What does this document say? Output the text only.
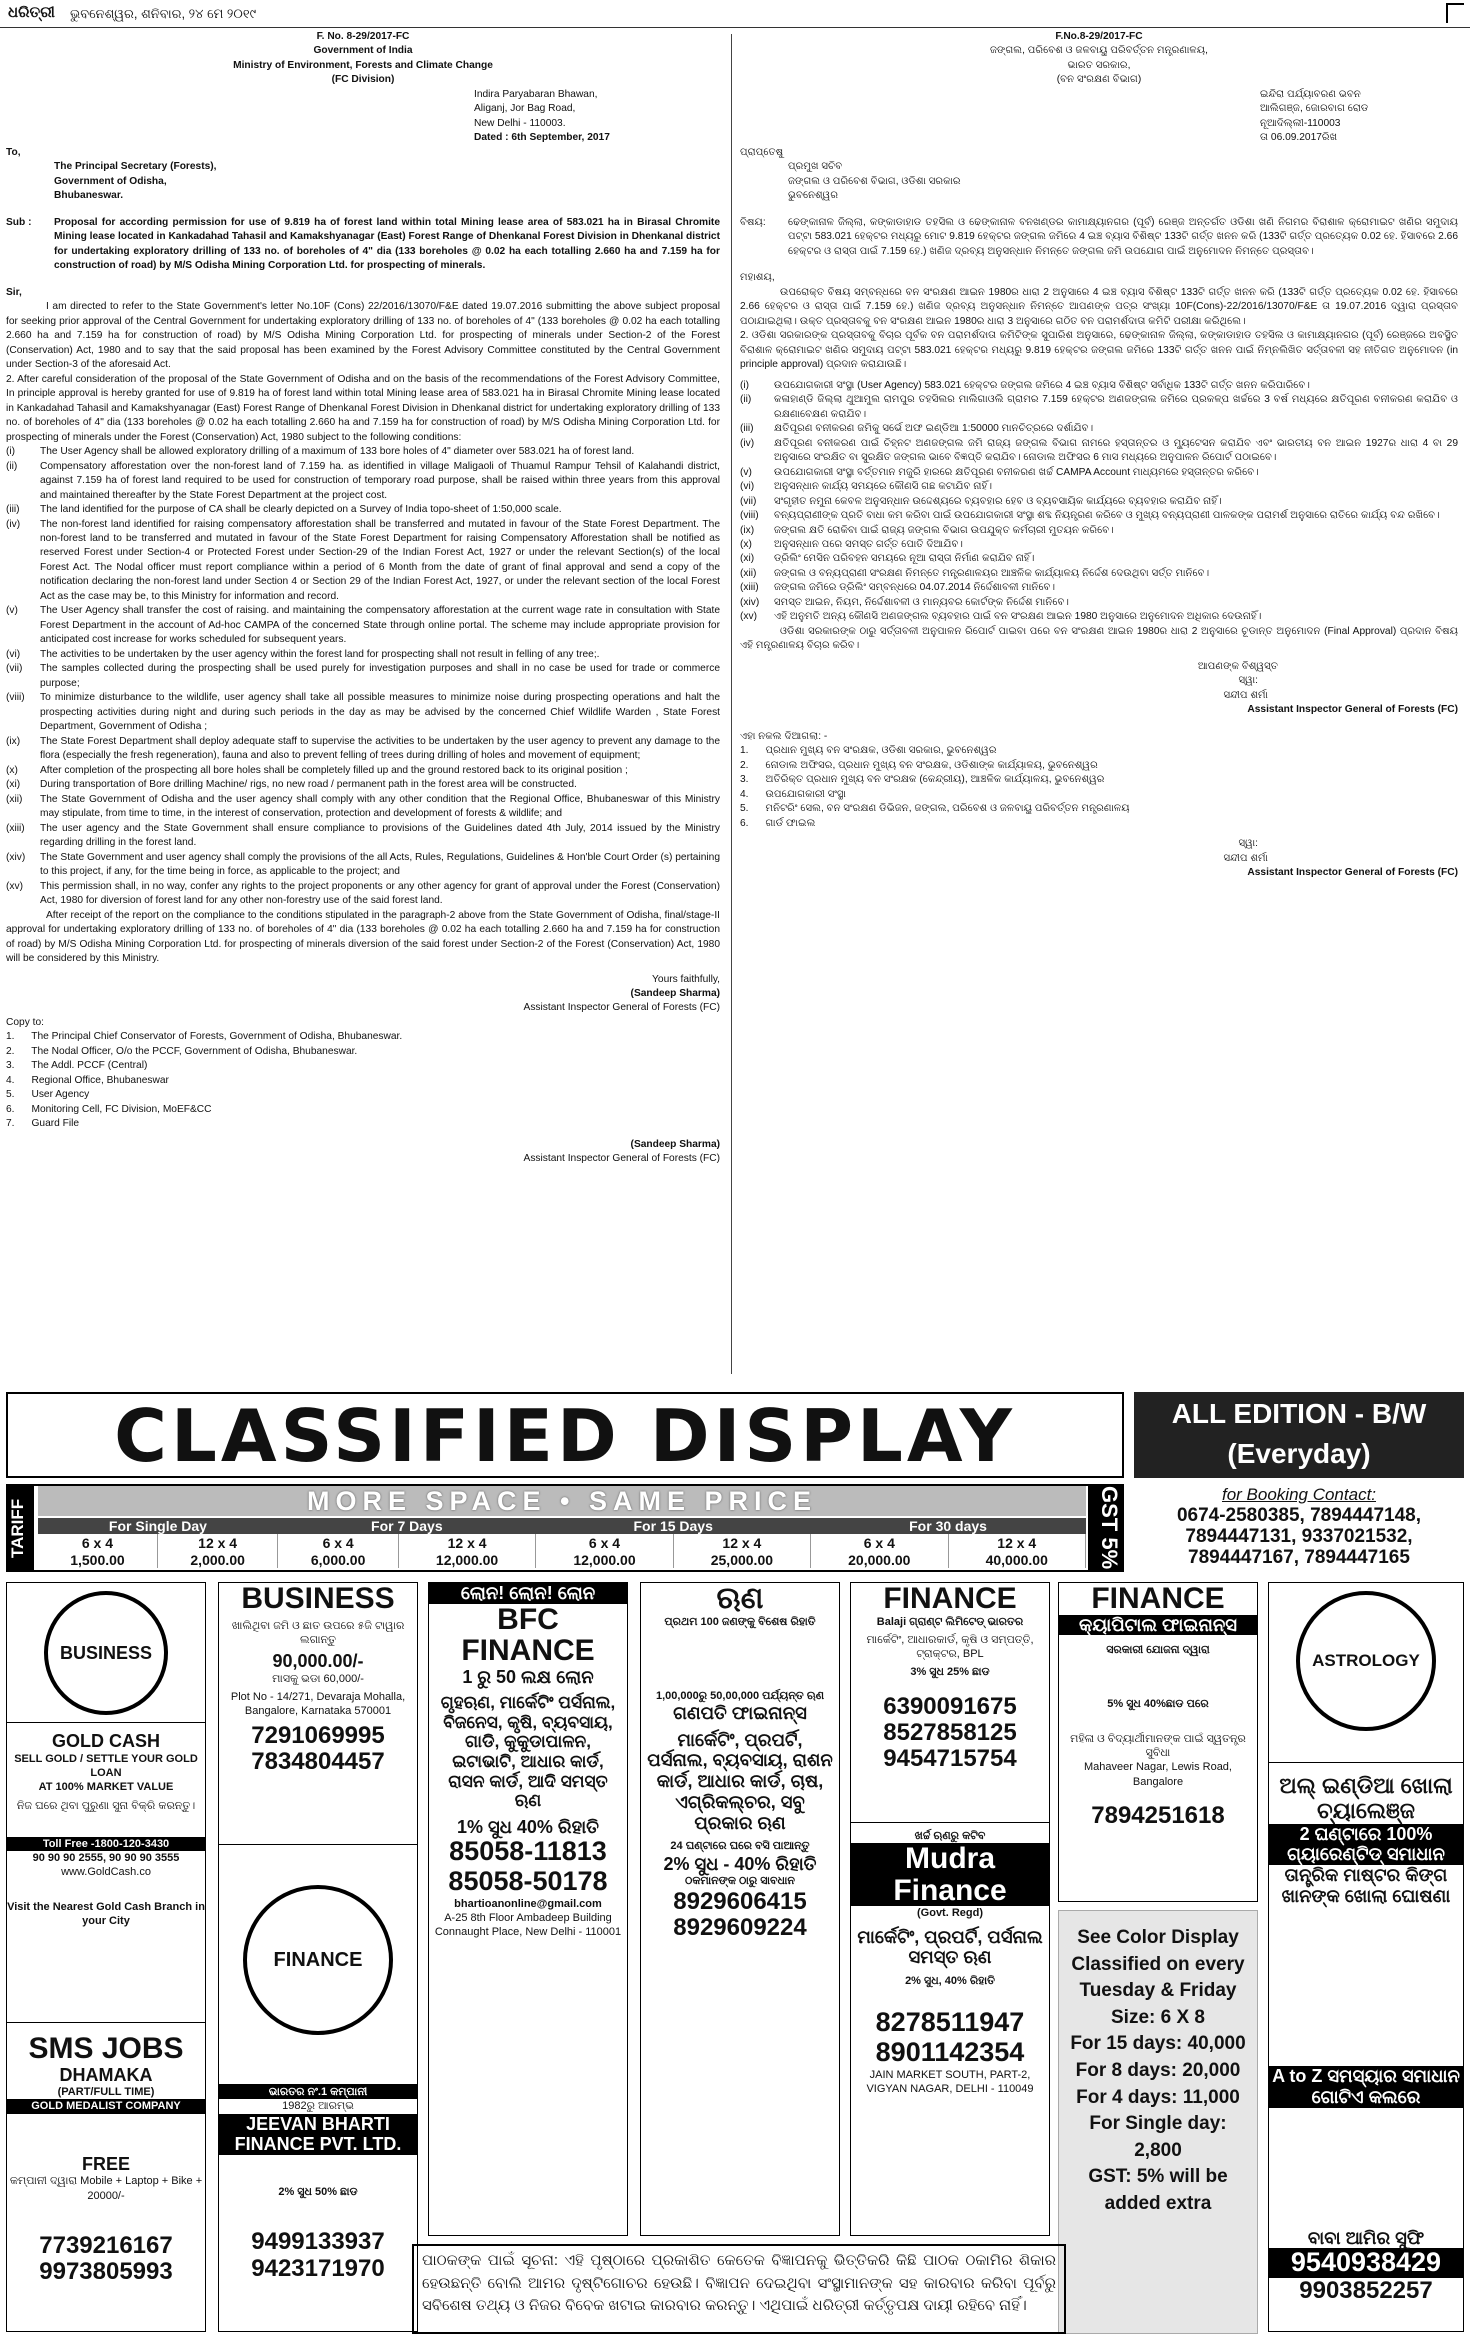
ଧରିତ୍ରୀ ଭୁବନେଶ୍ୱର, ଶନିବାର, ୨୪ ମେ ୨୦୧୯
F. No. 8-29/2017-FC
Government of India
Ministry of Environment, Forests and Climate Change
(FC Division)
Indira Paryabaran Bhawan,
Aliganj, Jor Bag Road,
New Delhi - 110003.
Dated : 6th September, 2017
To,
The Principal Secretary (Forests),
Government of Odisha,
Bhubaneswar.
Sub :	Proposal for according permission for use of 9.819 ha of forest land within total Mining lease area of 583.021 ha in Birasal Chromite Mining lease located in Kankadahad Tahasil and Kamakshyanagar (East) Forest Range of Dhenkanal Forest Division in Dhenkanal district for undertaking exploratory drilling of 133 no. of boreholes of 4" dia (133 boreholes @ 0.02 ha each totalling 2.660 ha and 7.159 ha for construction of road) by M/S Odisha Mining Corporation Ltd. for prospecting of minerals.
Sir,
I am directed to refer to the State Government's letter No.10F (Cons) 22/2016/13070/F&E dated 19.07.2016 submitting the above subject proposal for seeking prior approval of the Central Government for undertaking exploratory drilling of 133 no. of boreholes of 4" (133 boreholes @ 0.02 ha each totalling 2.660 ha and 7.159 ha for construction of road) by M/S Odisha Mining Corporation Ltd. for prospecting of minerals under Section-2 of the Forest (Conservation) Act, 1980 and to say that the said proposal has been examined by the Forest Advisory Committee constituted by the Central Government under Section-3 of the aforesaid Act.
2. After careful consideration of the proposal of the State Government of Odisha and on the basis of the recommendations of the Forest Advisory Committee, In principle approval is hereby granted for use of 9.819 ha of forest land within total Mining lease area of 583.021 ha in Birasal Chromite Mining lease located in Kankadahad Tahasil and Kamakshyanagar (East) Forest Range of Dhenkanal Forest Division in Dhenkanal district for undertaking exploratory drilling of 133 no. of boreholes of 4" dia (133 boreholes @ 0.02 ha each totalling 2.660 ha and 7.159 ha for construction of road) by M/S Odisha Mining Corporation Ltd. for prospecting of minerals under the Forest (Conservation) Act, 1980 subject to the following conditions:
(i)	The User Agency shall be allowed exploratory drilling of a maximum of 133 bore holes of 4" diameter over 583.021 ha of forest land.
(ii)	Compensatory afforestation over the non-forest land of 7.159 ha. as identified in village Maligaoli of Thuamul Rampur Tehsil of Kalahandi district, against 7.159 ha of forest land required to be used for construction of temporary road purpose, shall be raised within three years from this approval and maintained thereafter by the State Forest Department at the project cost.
(iii)	The land identified for the purpose of CA shall be clearly depicted on a Survey of India topo-sheet of 1:50,000 scale.
(iv)	The non-forest land identified for raising compensatory afforestation shall be transferred and mutated in favour of the State Forest Department. The non-forest land to be transferred and mutated in favour of the State Forest Department for raising Compensatory Afforestation shall be notified as reserved Forest under Section-4 or Protected Forest under Section-29 of the Indian Forest Act, 1927 or under the relevant Section(s) of the local Forest Act. The Nodal officer must report compliance within a period of 6 Month from the date of grant of final approval and send a copy of the notification declaring the non-forest land under Section 4 or Section 29 of the Indian Forest Act, 1927, or under the relevant section of the local Forest Act as the case may be, to this Ministry for information and record.
(v)	The User Agency shall transfer the cost of raising. and maintaining the compensatory afforestation at the current wage rate in consultation with State Forest Department in the account of Ad-hoc CAMPA of the concerned State through online portal. The scheme may include appropriate provision for anticipated cost increase for works scheduled for subsequent years.
(vi)	The activities to be undertaken by the user agency within the forest land for prospecting shall not result in felling of any tree;.
(vii)	The samples collected during the prospecting shall be used purely for investigation purposes and shall in no case be used for trade or commerce purpose;
(viii)	To minimize disturbance to the wildlife, user agency shall take all possible measures to minimize noise during prospecting operations and halt the prospecting activities during night and during such periods in the day as may be advised by the concerned Chief Wildlife Warden , State Forest Department, Government of Odisha ;
(ix)	The State Forest Department shall deploy adequate staff to supervise the activities to be undertaken by the user agency to prevent any damage to the flora (especially the fresh regeneration), fauna and also to prevent felling of trees during drilling of holes and movement of equipment;
(x)	After completion of the prospecting all bore holes shall be completely filled up and the ground restored back to its original position ;
(xi)	During transportation of Bore drilling Machine/ rigs, no new road / permanent path in the forest area will be constructed.
(xii)	The State Government of Odisha and the user agency shall comply with any other condition that the Regional Office, Bhubaneswar of this Ministry may stipulate, from time to time, in the interest of conservation, protection and development of forests & wildlife; and
(xiii)	The user agency and the State Government shall ensure compliance to provisions of the Guidelines dated 4th July, 2014 issued by the Ministry regarding drilling in the forest land.
(xiv)	The State Government and user agency shall comply the provisions of the all Acts, Rules, Regulations, Guidelines & Hon'ble Court Order (s) pertaining to this project, if any, for the time being in force, as applicable to the project; and
(xv)	This permission shall, in no way, confer any rights to the project proponents or any other agency for grant of approval under the Forest (Conservation) Act, 1980 for diversion of forest land for any other non-forestry use of the said forest land.
After receipt of the report on the compliance to the conditions stipulated in the paragraph-2 above from the State Government of Odisha, final/stage-II approval for undertaking exploratory drilling of 133 no. of boreholes of 4" dia (133 boreholes @ 0.02 ha each totalling 2.660 ha and 7.159 ha for construction of road) by M/S Odisha Mining Corporation Ltd. for prospecting of minerals diversion of the said forest under Section-2 of the Forest (Conservation) Act, 1980 will be considered by this Ministry.
Yours faithfully,
(Sandeep Sharma)
Assistant Inspector General of Forests (FC)
Copy to:
1.      The Principal Chief Conservator of Forests, Government of Odisha, Bhubaneswar.
2.      The Nodal Officer, O/o the PCCF, Government of Odisha, Bhubaneswar.
3.      The Addl. PCCF (Central)
4.      Regional Office, Bhubaneswar
5.      User Agency
6.      Monitoring Cell, FC Division, MoEF&CC
7.      Guard File
(Sandeep Sharma)
Assistant Inspector General of Forests (FC)
F.No.8-29/2017-FC
ଜଙ୍ଗଲ, ପରିବେଶ ଓ ଜଳବାୟୁ ପରିବର୍ତ୍ତନ ମନ୍ତ୍ରଣାଳୟ,
ଭାରତ ସରକାର,
(ବନ ସଂରକ୍ଷଣ ବିଭାଗ)
ଇନ୍ଦିରା ପର୍ଯ୍ୟାବରଣ ଭବନ
ଆଲିଗଞ୍ଜ, ଜୋରବାଗ ରୋଡ
ନୂଆଦିଲ୍ଲୀ-110003
ତା 06.09.2017ରିଖ
ପ୍ରାପ୍ତେଷୁ
ପ୍ରମୁଖ ସଚିବ
ଜଙ୍ଗଲ ଓ ପରିବେଶ ବିଭାଗ, ଓଡିଶା ସରକାର
ଭୁବନେଶ୍ୱର
ବିଷୟ:	ଢେଙ୍କାନାଳ ଜିଲ୍ଲା, କଙ୍କାଡାହାଡ ତହସିଲ ଓ ଢେଙ୍କାନାଳ ବନଖଣ୍ଡର କାମାକ୍ଷ୍ୟାନଗର (ପୂର୍ବ) ରେଞ୍ଜ ଅନ୍ତର୍ଗତ ଓଡିଶା ଖଣି ନିଗମର ବିରାଶାଳ କ୍ରୋମାଇଟ ଖଣିର ସମୁଦାୟ ପଟ୍ଟା 583.021 ହେକ୍ଟର ମଧ୍ୟରୁ ମୋଟ 9.819 ହେକ୍ଟର ଜଙ୍ଗଲ ଜମିରେ 4 ଇଞ୍ଚ ବ୍ୟାସ ବିଶିଷ୍ଟ 133ଟି ଗର୍ତ୍ତ ଖନନ କରି (133ଟି ଗର୍ତ୍ତ ପ୍ରତ୍ୟେକ 0.02 ହେ. ହିସାବରେ 2.66 ହେକ୍ଟର ଓ ରାସ୍ତା ପାଇଁ 7.159 ହେ.) ଖଣିଜ ଦ୍ରବ୍ୟ ଅନୁସନ୍ଧାନ ନିମନ୍ତେ ଜଙ୍ଗଲ ଜମି ଉପଯୋଗ ପାଇଁ ଅନୁମୋଦନ ନିମନ୍ତେ ପ୍ରସ୍ତାବ।
ମହାଶୟ,
ଉପରୋକ୍ତ ବିଷୟ ସମ୍ବନ୍ଧରେ ବନ ସଂରକ୍ଷଣ ଆଇନ 1980ର ଧାରା 2 ଅନୁସାରେ 4 ଇଞ୍ଚ ବ୍ୟାସ ବିଶିଷ୍ଟ 133ଟି ଗର୍ତ୍ତ ଖନନ କରି (133ଟି ଗର୍ତ୍ତ ପ୍ରତ୍ୟେକ 0.02 ହେ. ହିସାବରେ 2.66 ହେକ୍ଟର ଓ ରାସ୍ତା ପାଇଁ 7.159 ହେ.) ଖଣିଜ ଦ୍ରବ୍ୟ ଅନୁସନ୍ଧାନ ନିମନ୍ତେ ଆପଣଙ୍କ ପତ୍ର ସଂଖ୍ୟା 10F(Cons)-22/2016/13070/F&E ତା 19.07.2016 ଦ୍ୱାରା ପ୍ରସ୍ତାବ ପଠାଯାଇଥିଲା। ଉକ୍ତ ପ୍ରସ୍ତାବକୁ ବନ ସଂରକ୍ଷଣ ଆଇନ 1980ର ଧାରା 3 ଅନୁସାରେ ଗଠିତ ବନ ପରାମର୍ଶଦାତା କମିଟି ପରୀକ୍ଷା କରିଥିଲେ।
2. ଓଡିଶା ସରକାରଙ୍କ ପ୍ରସ୍ତାବକୁ ବିଚାର ପୂର୍ବକ ବନ ପରାମର୍ଶଦାତା କମିଟିଙ୍କ ସୁପାରିଶ ଅନୁସାରେ, ଢେଙ୍କାନାଳ ଜିଲ୍ଲା, କଙ୍କାଡାହାଡ ତହସିଲ ଓ କାମାକ୍ଷ୍ୟାନଗର (ପୂର୍ବ) ରେଞ୍ଜରେ ଅବସ୍ଥିତ ବିରାଶାଳ କ୍ରୋମାଇଟ ଖଣିର ସମୁଦାୟ ପଟ୍ଟା 583.021 ହେକ୍ଟର ମଧ୍ୟରୁ 9.819 ହେକ୍ଟର ଜଙ୍ଗଲ ଜମିରେ 133ଟି ଗର୍ତ୍ତ ଖନନ ପାଇଁ ନିମ୍ନଲିଖିତ ସର୍ତ୍ତାବଳୀ ସହ ନୀତିଗତ ଅନୁମୋଦନ (in principle approval) ପ୍ରଦାନ କରାଯାଉଛି।
(i)	ଉପଯୋଗକାରୀ ସଂସ୍ଥା (User Agency) 583.021 ହେକ୍ଟର ଜଙ୍ଗଲ ଜମିରେ 4 ଇଞ୍ଚ ବ୍ୟାସ ବିଶିଷ୍ଟ ସର୍ବାଧିକ 133ଟି ଗର୍ତ୍ତ ଖନନ କରିପାରିବେ।
(ii)	କଳାହାଣ୍ଡି ଜିଲ୍ଲା ଥୁଆମୁଲ ରାମପୁର ତହସିଲର ମାଲିଗାଓଲି ଗ୍ରାମର 7.159 ହେକ୍ଟର ଅଣଜଙ୍ଗଲ ଜମିରେ ପ୍ରକଳ୍ପ ଖର୍ଚ୍ଚରେ 3 ବର୍ଷ ମଧ୍ୟରେ କ୍ଷତିପୂରଣ ବନୀକରଣ କରାଯିବ ଓ ରକ୍ଷଣାବେକ୍ଷଣ କରାଯିବ।
(iii)	କ୍ଷତିପୂରଣ ବନୀକରଣ ଜମିକୁ ସର୍ଭେ ଅଫ ଇଣ୍ଡିଆ 1:50000 ମାନଚିତ୍ରରେ ଦର୍ଶାଯିବ।
(iv)	କ୍ଷତିପୂରଣ ବନୀକରଣ ପାଇଁ ଚିହ୍ନଟ ଅଣଜଙ୍ଗଲ ଜମି ରାଜ୍ୟ ଜଙ୍ଗଲ ବିଭାଗ ନାମରେ ହସ୍ତାନ୍ତର ଓ ମ୍ୟୁଟେସନ କରାଯିବ ଏବଂ ଭାରତୀୟ ବନ ଆଇନ 1927ର ଧାରା 4 ବା 29 ଅନୁସାରେ ସଂରକ୍ଷିତ ବା ସୁରକ୍ଷିତ ଜଙ୍ଗଲ ଭାବେ ବିଜ୍ଞପ୍ତି କରାଯିବ। ନୋଡାଲ ଅଫିସର 6 ମାସ ମଧ୍ୟରେ ଅନୁପାଳନ ରିପୋର୍ଟ ପଠାଇବେ।
(v)	ଉପଯୋଗକାରୀ ସଂସ୍ଥା ବର୍ତ୍ତମାନ ମଜୁରି ହାରରେ କ୍ଷତିପୂରଣ ବନୀକରଣ ଖର୍ଚ୍ଚ CAMPA Account ମାଧ୍ୟମରେ ହସ୍ତାନ୍ତର କରିବେ।
(vi)	ଅନୁସନ୍ଧାନ କାର୍ଯ୍ୟ ସମୟରେ କୌଣସି ଗଛ କଟାଯିବ ନାହିଁ।
(vii)	ସଂଗୃହୀତ ନମୁନା କେବଳ ଅନୁସନ୍ଧାନ ଉଦ୍ଦେଶ୍ୟରେ ବ୍ୟବହାର ହେବ ଓ ବ୍ୟବସାୟିକ କାର୍ଯ୍ୟରେ ବ୍ୟବହାର କରାଯିବ ନାହିଁ।
(viii)	ବନ୍ୟପ୍ରାଣୀଙ୍କ ପ୍ରତି ବାଧା କମ କରିବା ପାଇଁ ଉପଯୋଗକାରୀ ସଂସ୍ଥା ଶବ୍ଦ ନିୟନ୍ତ୍ରଣ କରିବେ ଓ ମୁଖ୍ୟ ବନ୍ୟପ୍ରାଣୀ ପାଳକଙ୍କ ପରାମର୍ଶ ଅନୁସାରେ ରାତିରେ କାର୍ଯ୍ୟ ବନ୍ଦ ରଖିବେ।
(ix)	ଜଙ୍ଗଲ କ୍ଷତି ରୋକିବା ପାଇଁ ରାଜ୍ୟ ଜଙ୍ଗଲ ବିଭାଗ ଉପଯୁକ୍ତ କର୍ମଚାରୀ ମୁତୟନ କରିବେ।
(x)	ଅନୁସନ୍ଧାନ ପରେ ସମସ୍ତ ଗର୍ତ୍ତ ପୋତି ଦିଆଯିବ।
(xi)	ଡ୍ରିଲିଂ ମେସିନ ପରିବହନ ସମୟରେ ନୂଆ ରାସ୍ତା ନିର୍ମାଣ କରାଯିବ ନାହିଁ।
(xii)	ଜଙ୍ଗଲ ଓ ବନ୍ୟପ୍ରାଣୀ ସଂରକ୍ଷଣ ନିମନ୍ତେ ମନ୍ତ୍ରଣାଳୟର ଆଞ୍ଚଳିକ କାର୍ଯ୍ୟାଳୟ ନିର୍ଦ୍ଦେଶ ଦେଉଥିବା ସର୍ତ୍ତ ମାନିବେ।
(xiii)	ଜଙ୍ଗଲ ଜମିରେ ଡ୍ରିଲିଂ ସମ୍ବନ୍ଧରେ 04.07.2014 ନିର୍ଦ୍ଦେଶାବଳୀ ମାନିବେ।
(xiv)	ସମସ୍ତ ଆଇନ, ନିୟମ, ନିର୍ଦ୍ଦେଶାବଳୀ ଓ ମାନ୍ୟବର କୋର୍ଟଙ୍କ ନିର୍ଦ୍ଦେଶ ମାନିବେ।
(xv)	ଏହି ଅନୁମତି ଅନ୍ୟ କୌଣସି ଅଣଜଙ୍ଗଲ ବ୍ୟବହାର ପାଇଁ ବନ ସଂରକ୍ଷଣ ଆଇନ 1980 ଅନୁସାରେ ଅନୁମୋଦନ ଅଧିକାର ଦେଉନାହିଁ।
ଓଡିଶା ସରକାରଙ୍କ ଠାରୁ ସର୍ତ୍ତାବଳୀ ଅନୁପାଳନ ରିପୋର୍ଟ ପାଇବା ପରେ ବନ ସଂରକ୍ଷଣ ଆଇନ 1980ର ଧାରା 2 ଅନୁସାରେ ଚୂଡାନ୍ତ ଅନୁମୋଦନ (Final Approval) ପ୍ରଦାନ ବିଷୟ ଏହି ମନ୍ତ୍ରଣାଳୟ ବିଚାର କରିବ।
ଆପଣଙ୍କ ବିଶ୍ୱସ୍ତ
ସ୍ୱା:
ସନ୍ଦୀପ ଶର୍ମା
Assistant Inspector General of Forests (FC)
ଏହା ନକଲ ଦିଆଗଲା: -
1.      ପ୍ରଧାନ ମୁଖ୍ୟ ବନ ସଂରକ୍ଷକ, ଓଡିଶା ସରକାର, ଭୁବନେଶ୍ୱର
2.      ନୋଡାଲ ଅଫିସର, ପ୍ରଧାନ ମୁଖ୍ୟ ବନ ସଂରକ୍ଷକ, ଓଡିଶାଙ୍କ କାର୍ଯ୍ୟାଳୟ, ଭୁବନେଶ୍ୱର
3.      ଅତିରିକ୍ତ ପ୍ରଧାନ ମୁଖ୍ୟ ବନ ସଂରକ୍ଷକ (କେନ୍ଦ୍ରୀୟ), ଆଞ୍ଚଳିକ କାର୍ଯ୍ୟାଳୟ, ଭୁବନେଶ୍ୱର
4.      ଉପଯୋଗକାରୀ ସଂସ୍ଥା
5.      ମନିଟରିଂ ସେଲ, ବନ ସଂରକ୍ଷଣ ଡିଭିଜନ, ଜଙ୍ଗଲ, ପରିବେଶ ଓ ଜଳବାୟୁ ପରିବର୍ତ୍ତନ ମନ୍ତ୍ରଣାଳୟ
6.      ଗାର୍ଡ ଫାଇଲ
ସ୍ୱା:
ସନ୍ଦୀପ ଶର୍ମା
Assistant Inspector General of Forests (FC)
CLASSIFIED DISPLAY	ALL EDITION - B/W
(Everyday)
TARIFF	MORE SPACE • SAME PRICE
For Single Day		For 7 Days		For 15 Days		For 30 days	
6 x 4	12 x 4	6 x 4	12 x 4	6 x 4	12 x 4	6 x 4	12 x 4
1,500.00	2,000.00	6,000.00	12,000.00	12,000.00	25,000.00	20,000.00	40,000.00	GST 5%	for Booking Contact:
0674-2580385, 7894447148,
7894447131, 9337021532,
7894447167, 7894447165
BUSINESS
GOLD CASH
SELL GOLD / SETTLE YOUR GOLD LOAN
AT 100% MARKET VALUE
ନିଜ ଘରେ ଥିବା ପୁରୁଣା ସୁନା ବିକ୍ରି କରନ୍ତୁ।
Toll Free -1800-120-3430
90 90 90 2555, 90 90 90 3555
www.GoldCash.co
Visit the Nearest Gold Cash Branch in your City
SMS JOBS
DHAMAKA
(PART/FULL TIME)
GOLD MEDALIST COMPANY
FREE
କମ୍ପାନୀ ଦ୍ୱାରା Mobile + Laptop + Bike + 20000/-
7739216167
9973805993
BUSINESS
ଖାଲିଥିବା ଜମି ଓ ଛାତ ଉପରେ ୫ଜି ଟାୱାର ଲଗାନ୍ତୁ
90,000.00/-
ମାସକୁ ଭଡା 60,000/-
Plot No - 14/271, Devaraja Mohalla, Bangalore, Karnataka 570001
7291069995
7834804457
FINANCE
ଭାରତର ନଂ.1 କମ୍ପାନୀ
1982ରୁ ଆରମ୍ଭ
JEEVAN BHARTI FINANCE PVT. LTD.
2% ସୁଧ 50% ଛାଡ
9499133937
9423171970
ଲୋନ! ଲୋନ! ଲୋନ
BFC FINANCE
1 ରୁ 50 ଲକ୍ଷ ଲୋନ
ଗୃହଋଣ, ମାର୍କେଟିଂ ପର୍ସନାଲ, ବିଜନେସ, କୃଷି, ବ୍ୟବସାୟ, ଗାଡି, କୁକୁଡାପାଳନ, ଇଟାଭାଟି, ଆଧାର କାର୍ଡ, ରାସନ କାର୍ଡ, ଆଦି ସମସ୍ତ ଋଣ
1% ସୁଧ 40% ରିହାତି
85058-11813
85058-50178
bhartioanonline@gmail.com
A-25 8th Floor Ambadeep Building Connaught Place, New Delhi - 110001
ଋଣ
ପ୍ରଥମ 100 ଜଣଙ୍କୁ ବିଶେଷ ରିହାତି
1,00,000ରୁ 50,00,000 ପର୍ଯ୍ୟନ୍ତ ଋଣ
ଗଣପତି ଫାଇନାନ୍ସ
ମାର୍କେଟିଂ, ପ୍ରପର୍ଟି, ପର୍ସନାଲ, ବ୍ୟବସାୟ, ରାଶନ କାର୍ଡ, ଆଧାର କାର୍ଡ, ଚାଷ, ଏଗ୍ରିକଲ୍ଚର, ସବୁ ପ୍ରକାର ଋଣ
24 ଘଣ୍ଟାରେ ଘରେ ବସି ପାଆନ୍ତୁ
2% ସୁଧ - 40% ରିହାତି
ଠକମାନଙ୍କ ଠାରୁ ସାବଧାନ
8929606415
8929609224
FINANCE
Balaji ଗ୍ରାଣ୍ଟ ଲିମିଟେଡ୍ ଭାରତର
ମାର୍କେଟିଂ, ଆଧାରକାର୍ଡ, କୃଷି ଓ ସମ୍ପତ୍ତି, ଟ୍ରାକ୍ଟର, BPL
3% ସୁଧ 25% ଛାଡ
6390091675
8527858125
9454715754
ଖର୍ଚ୍ଚ ଋଣରୁ କଟିବ
Mudra Finance
(Govt. Regd)
ମାର୍କେଟିଂ, ପ୍ରପର୍ଟି, ପର୍ସନାଲ ସମସ୍ତ ଋଣ
2% ସୁଧ, 40% ରିହାତି
8278511947
8901142354
JAIN MARKET SOUTH, PART-2, VIGYAN NAGAR, DELHI - 110049
FINANCE
କ୍ୟାପିଟାଲ ଫାଇନାନ୍ସ
ସରକାରୀ ଯୋଜନା ଦ୍ୱାରା
5% ସୁଧ 40%ଛାଡ ପରେ
ମହିଳା ଓ ବିଦ୍ୟାର୍ଥୀମାନଙ୍କ ପାଇଁ ସ୍ୱତନ୍ତ୍ର ସୁବିଧା
Mahaveer Nagar, Lewis Road, Bangalore
7894251618
See Color Display
Classified on every
Tuesday & Friday
Size: 6 X 8
For 15 days: 40,000
For 8 days: 20,000
For 4 days: 11,000
For Single day:
2,800
GST: 5% will be
added extra
ASTROLOGY
ଅଲ୍ ଇଣ୍ଡିଆ ଖୋଲା ଚ୍ୟାଲେଞ୍ଜ
2 ଘଣ୍ଟାରେ 100% ଗ୍ୟାରେଣ୍ଟିଡ୍ ସମାଧାନ
ତାନ୍ତ୍ରିକ ମାଷ୍ଟର କିଙ୍ଗ ଖାନଙ୍କ ଖୋଲା ଘୋଷଣା
A to Z ସମସ୍ୟାର ସମାଧାନ ଗୋଟିଏ କଲରେ
ବାବା ଆମିର ସୁଫି
9540938429
9903852257
ପାଠକଙ୍କ ପାଇଁ ସୂଚନା: ଏହି ପୃଷ୍ଠାରେ ପ୍ରକାଶିତ କେତେକ ବିଜ୍ଞାପନକୁ ଭିତ୍ତିକରି କିଛି ପାଠକ ଠକାମିର ଶିକାର ହେଉଛନ୍ତି ବୋଲି ଆମର ଦୃଷ୍ଟିଗୋଚର ହେଉଛି। ବିଜ୍ଞାପନ ଦେଇଥିବା ସଂସ୍ଥାମାନଙ୍କ ସହ କାରବାର କରିବା ପୂର୍ବରୁ ସବିଶେଷ ତଥ୍ୟ ଓ ନିଜର ବିବେକ ଖଟାଇ କାରବାର କରନ୍ତୁ। ଏଥିପାଇଁ ଧରିତ୍ରୀ କର୍ତ୍ତୃପକ୍ଷ ଦାୟୀ ରହିବେ ନାହିଁ।
